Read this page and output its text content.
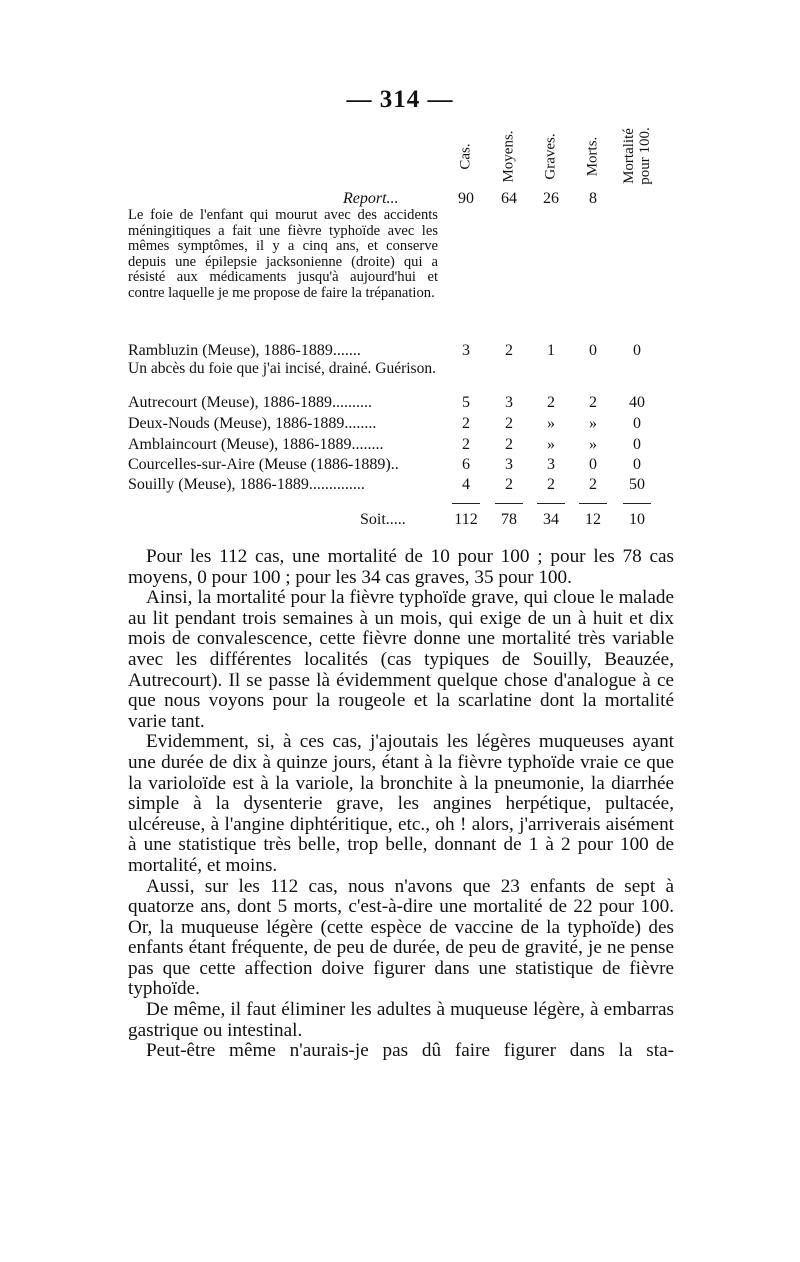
— 314 —
Cas. Moyens. Graves. Morts. Mortalité pour 100.
Report...	90	64	26	8
Le foie de l'enfant qui mourut avec des accidents méningitiques a fait une fièvre typhoïde avec les mêmes symptômes, il y a cinq ans, et conserve depuis une épilepsie jacksonienne (droite) qui a résisté aux médicaments jusqu'à aujourd'hui et contre laquelle je me propose de faire la trépanation.
Rambluzin (Meuse), 1886-1889.......	3	2	1	0	0
Un abcès du foie que j'ai incisé, drainé. Guérison.
Autrecourt (Meuse), 1886-1889..........	5	3	2	2	40
Deux-Nouds (Meuse), 1886-1889........	2	2	»	»	0
Amblaincourt (Meuse), 1886-1889........	2	2	»	»	0
Courcelles-sur-Aire (Meuse (1886-1889)..	6	3	3	0	0
Souilly (Meuse), 1886-1889..............	4	2	2	2	50
Soit.....	112	78	34	12	10

Pour les 112 cas, une mortalité de 10 pour 100 ; pour les 78 cas moyens, 0 pour 100 ; pour les 34 cas graves, 35 pour 100.

Ainsi, la mortalité pour la fièvre typhoïde grave, qui cloue le malade au lit pendant trois semaines à un mois, qui exige de un à huit et dix mois de convalescence, cette fièvre donne une mortalité très variable avec les différentes localités (cas typiques de Souilly, Beauzée, Autrecourt). Il se passe là évidemment quelque chose d'analogue à ce que nous voyons pour la rougeole et la scarlatine dont la mortalité varie tant.

Evidemment, si, à ces cas, j'ajoutais les légères muqueuses ayant une durée de dix à quinze jours, étant à la fièvre typhoïde vraie ce que la varioloïde est à la variole, la bronchite à la pneumonie, la diarrhée simple à la dysenterie grave, les angines herpétique, pultacée, ulcéreuse, à l'angine diphtéritique, etc., oh ! alors, j'arriverais aisément à une statistique très belle, trop belle, donnant de 1 à 2 pour 100 de mortalité, et moins.

Aussi, sur les 112 cas, nous n'avons que 23 enfants de sept à quatorze ans, dont 5 morts, c'est-à-dire une mortalité de 22 pour 100. Or, la muqueuse légère (cette espèce de vaccine de la typhoïde) des enfants étant fréquente, de peu de durée, de peu de gravité, je ne pense pas que cette affection doive figurer dans une statistique de fièvre typhoïde.

De même, il faut éliminer les adultes à muqueuse légère, à embarras gastrique ou intestinal.

Peut-être même n'aurais-je pas dû faire figurer dans la sta-
